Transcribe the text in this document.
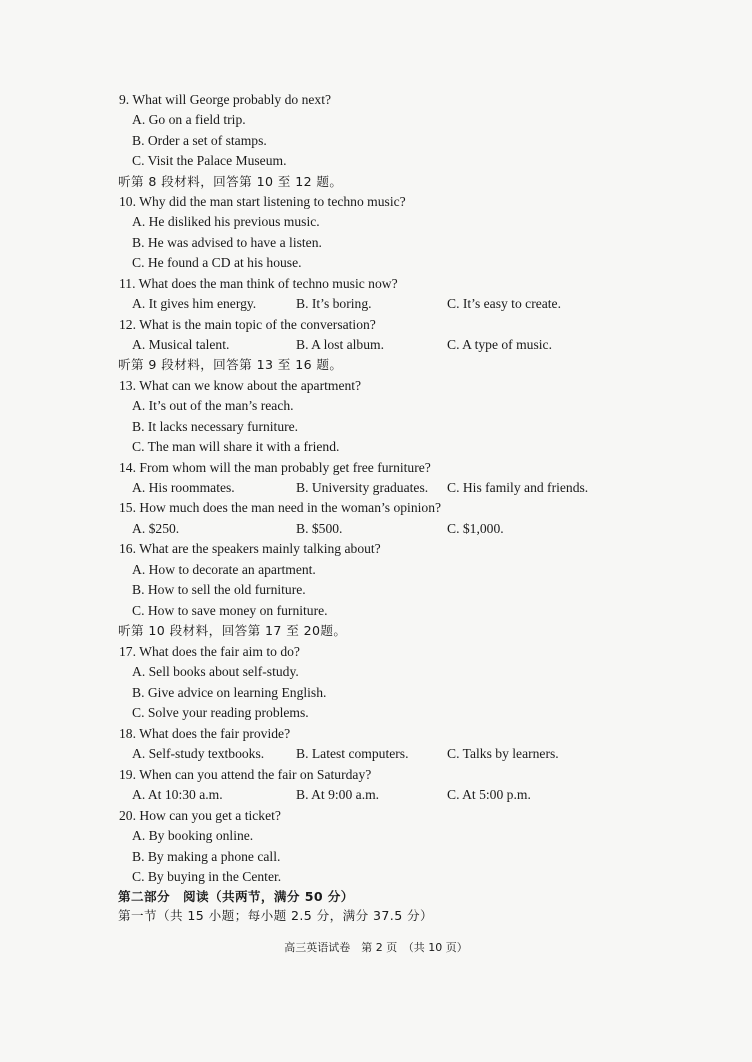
9. What will George probably do next?
A. Go on a field trip.
B. Order a set of stamps.
C. Visit the Palace Museum.
听第 8 段材料，回答第 10 至 12 题。
10. Why did the man start listening to techno music?
A. He disliked his previous music.
B. He was advised to have a listen.
C. He found a CD at his house.
11. What does the man think of techno music now?
A. It gives him energy.	B. It’s boring.	C. It’s easy to create.
12. What is the main topic of the conversation?
A. Musical talent.	B. A lost album.	C. A type of music.
听第 9 段材料，回答第 13 至 16 题。
13. What can we know about the apartment?
A. It’s out of the man’s reach.
B. It lacks necessary furniture.
C. The man will share it with a friend.
14. From whom will the man probably get free furniture?
A. His roommates.	B. University graduates. C. His family and friends.
15. How much does the man need in the woman’s opinion?
A. $250.	B. $500.	C. $1,000.
16. What are the speakers mainly talking about?
A. How to decorate an apartment.
B. How to sell the old furniture.
C. How to save money on furniture.
听第 10 段材料，回答第 17 至 20题。
17. What does the fair aim to do?
A. Sell books about self-study.
B. Give advice on learning English.
C. Solve your reading problems.
18. What does the fair provide?
A. Self-study textbooks. B. Latest computers.	C. Talks by learners.
19. When can you attend the fair on Saturday?
A. At 10:30 a.m.	B. At 9:00 a.m.	C. At 5:00 p.m.
20. How can you get a ticket?
A. By booking online.
B. By making a phone call.
C. By buying in the Center.
第二部分　阅读（共两节，满分 50 分）
第一节（共 15 小题；每小题 2.5 分，满分 37.5 分）
高三英语试卷　第 2 页　（共 10 页）
